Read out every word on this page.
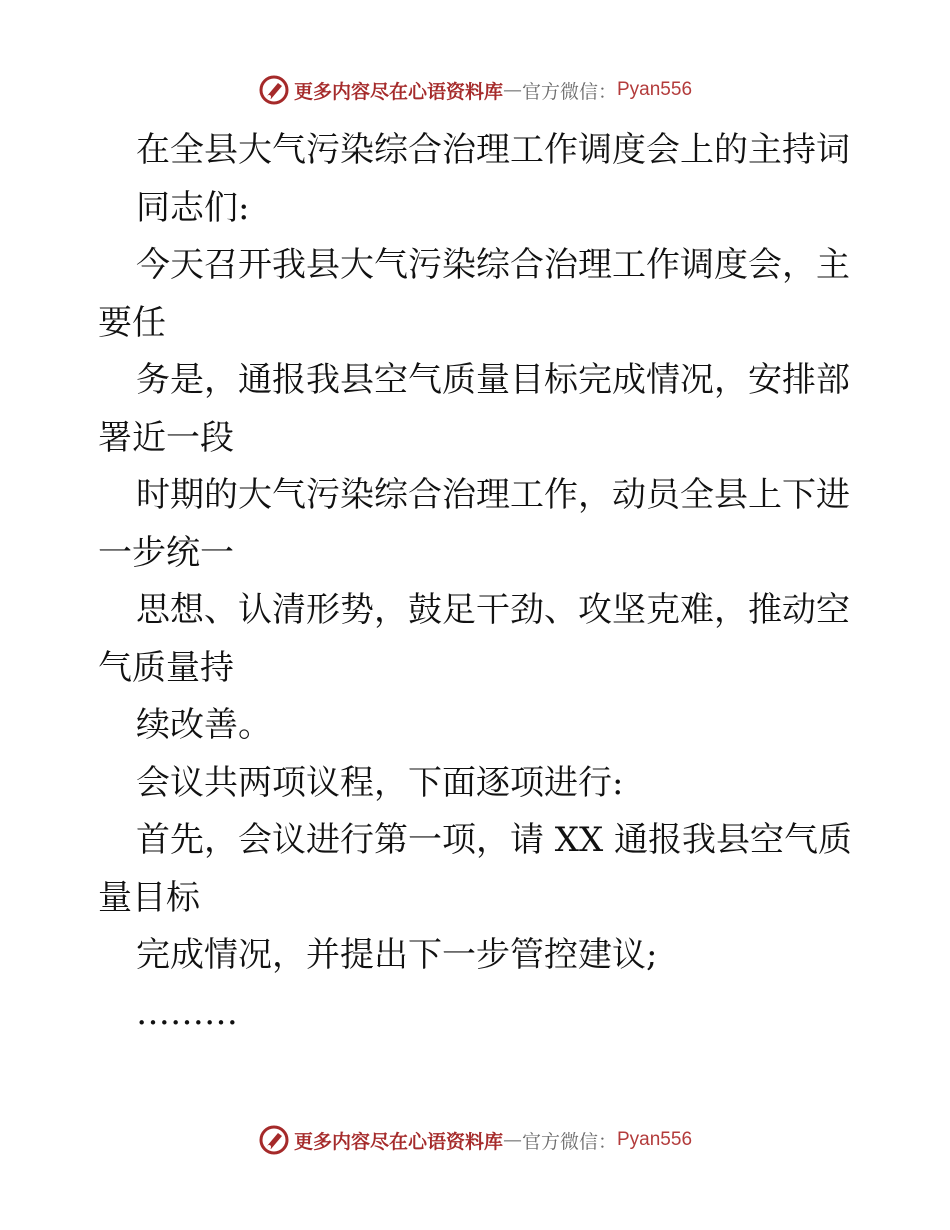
更多内容尽在心语资料库 — 官方微信： Pyan556
在全县大气污染综合治理工作调度会上的主持词
同志们:
今天召开我县大气污染综合治理工作调度会，主
要任
务是，通报我县空气质量目标完成情况，安排部
署近一段
时期的大气污染综合治理工作，动员全县上下进
一步统一
思想、认清形势，鼓足干劲、攻坚克难，推动空
气质量持
续改善。
会议共两项议程，下面逐项进行:
首先，会议进行第一项，请 XX 通报我县空气质
量目标
完成情况，并提出下一步管控建议;
………
更多内容尽在心语资料库 — 官方微信： Pyan556
